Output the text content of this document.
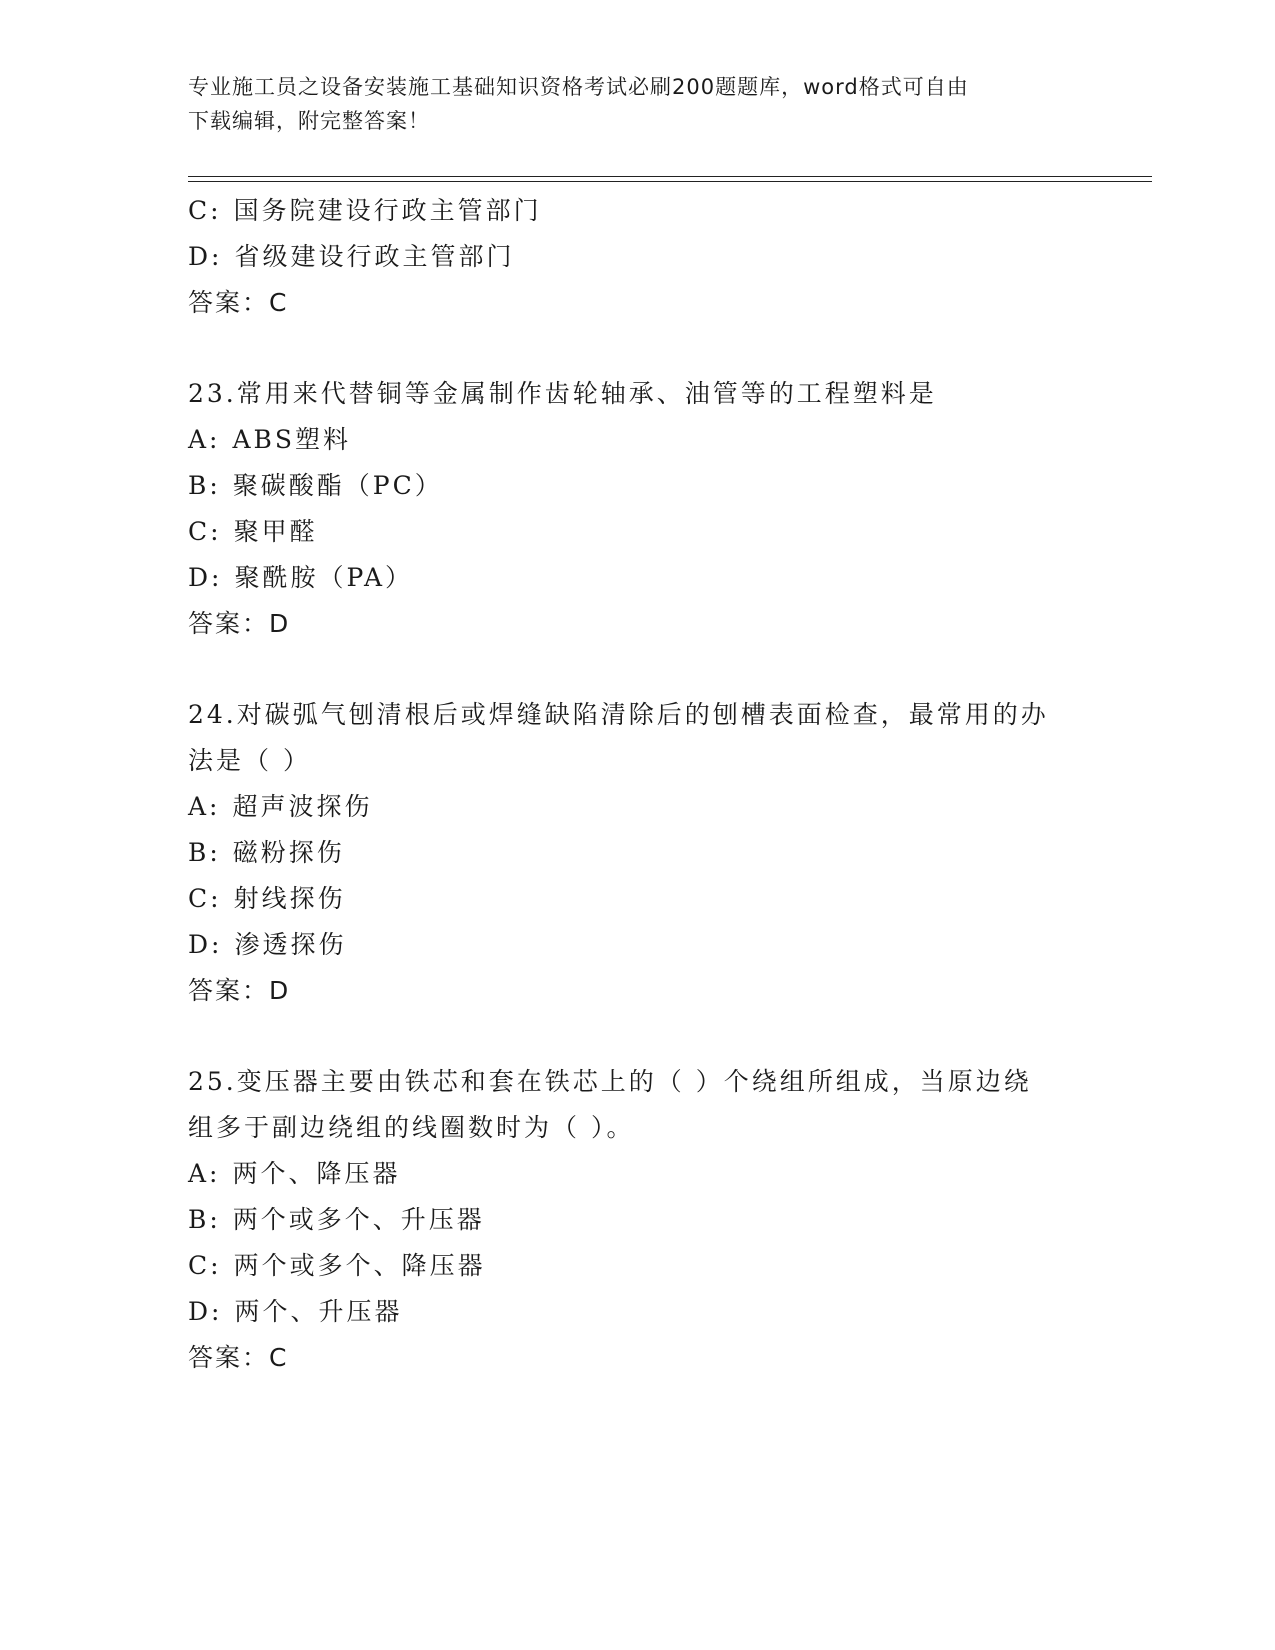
专业施工员之设备安装施工基础知识资格考试必刷200题题库，word格式可自由
下载编辑，附完整答案！
C: 国务院建设行政主管部门
D: 省级建设行政主管部门
答案：C
23.常用来代替铜等金属制作齿轮轴承、油管等的工程塑料是
A: ABS塑料
B: 聚碳酸酯（PC）
C: 聚甲醛
D: 聚酰胺（PA）
答案：D
24.对碳弧气刨清根后或焊缝缺陷清除后的刨槽表面检查，最常用的办
法是（ ）
A: 超声波探伤
B: 磁粉探伤
C: 射线探伤
D: 渗透探伤
答案：D
25.变压器主要由铁芯和套在铁芯上的（ ）个绕组所组成，当原边绕
组多于副边绕组的线圈数时为（ ）。
A: 两个、降压器
B: 两个或多个、升压器
C: 两个或多个、降压器
D: 两个、升压器
答案：C
